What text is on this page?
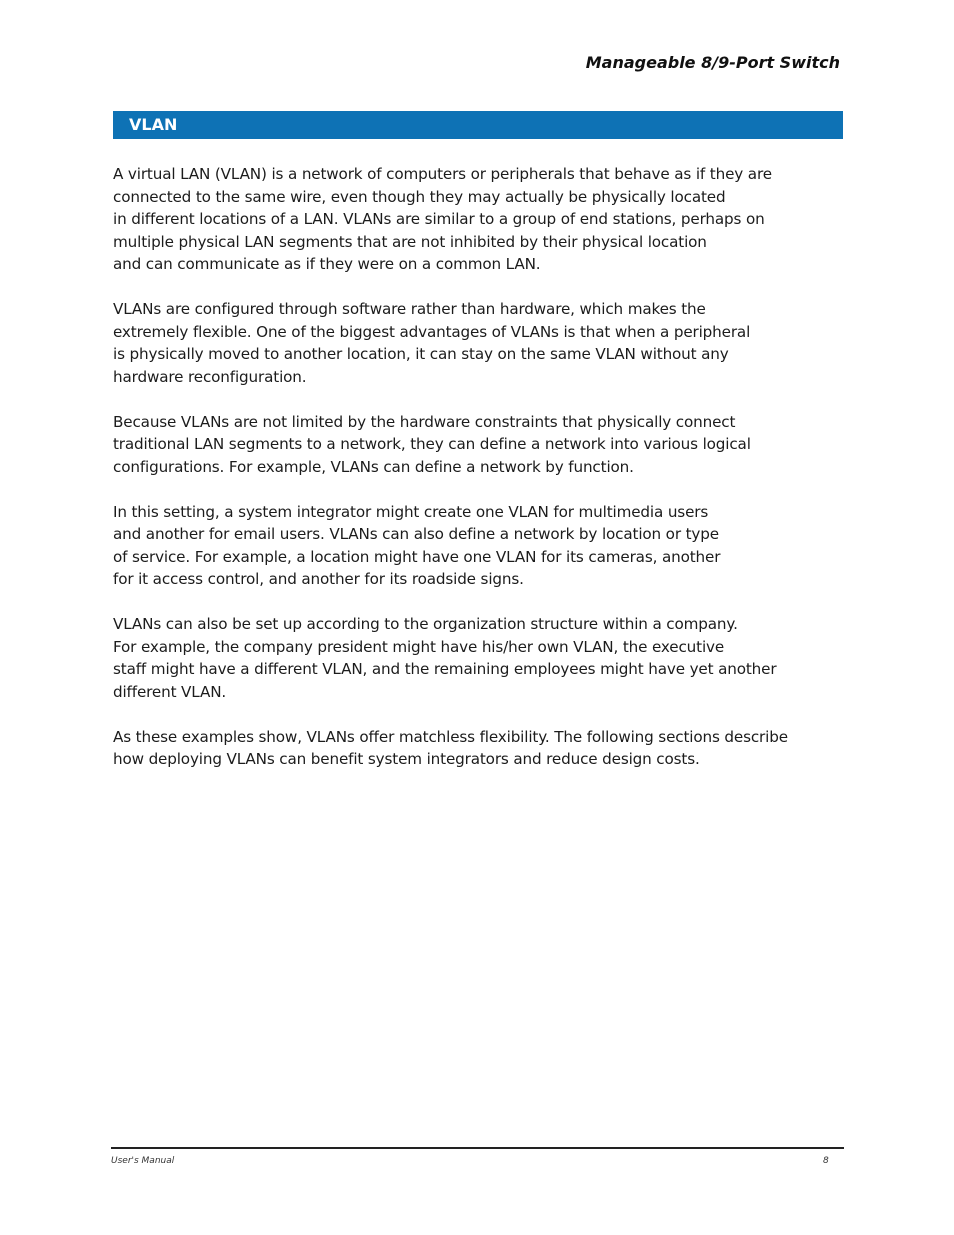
Manageable 8/9-Port Switch
VLAN

A virtual LAN (VLAN) is a network of computers or peripherals that behave as if they are
connected to the same wire, even though they may actually be physically located
in different locations of a LAN. VLANs are similar to a group of end stations, perhaps on
multiple physical LAN segments that are not inhibited by their physical location
and can communicate as if they were on a common LAN.

VLANs are configured through software rather than hardware, which makes the
extremely flexible. One of the biggest advantages of VLANs is that when a peripheral
is physically moved to another location, it can stay on the same VLAN without any
hardware reconfiguration.

Because VLANs are not limited by the hardware constraints that physically connect
traditional LAN segments to a network, they can define a network into various logical
configurations. For example, VLANs can define a network by function.

In this setting, a system integrator might create one VLAN for multimedia users
and another for email users. VLANs can also define a network by location or type
of service. For example, a location might have one VLAN for its cameras, another
for it access control, and another for its roadside signs.

VLANs can also be set up according to the organization structure within a company.
For example, the company president might have his/her own VLAN, the executive
staff might have a different VLAN, and the remaining employees might have yet another
different VLAN.

As these examples show, VLANs offer matchless flexibility. The following sections describe
how deploying VLANs can benefit system integrators and reduce design costs.

User's Manual	8
